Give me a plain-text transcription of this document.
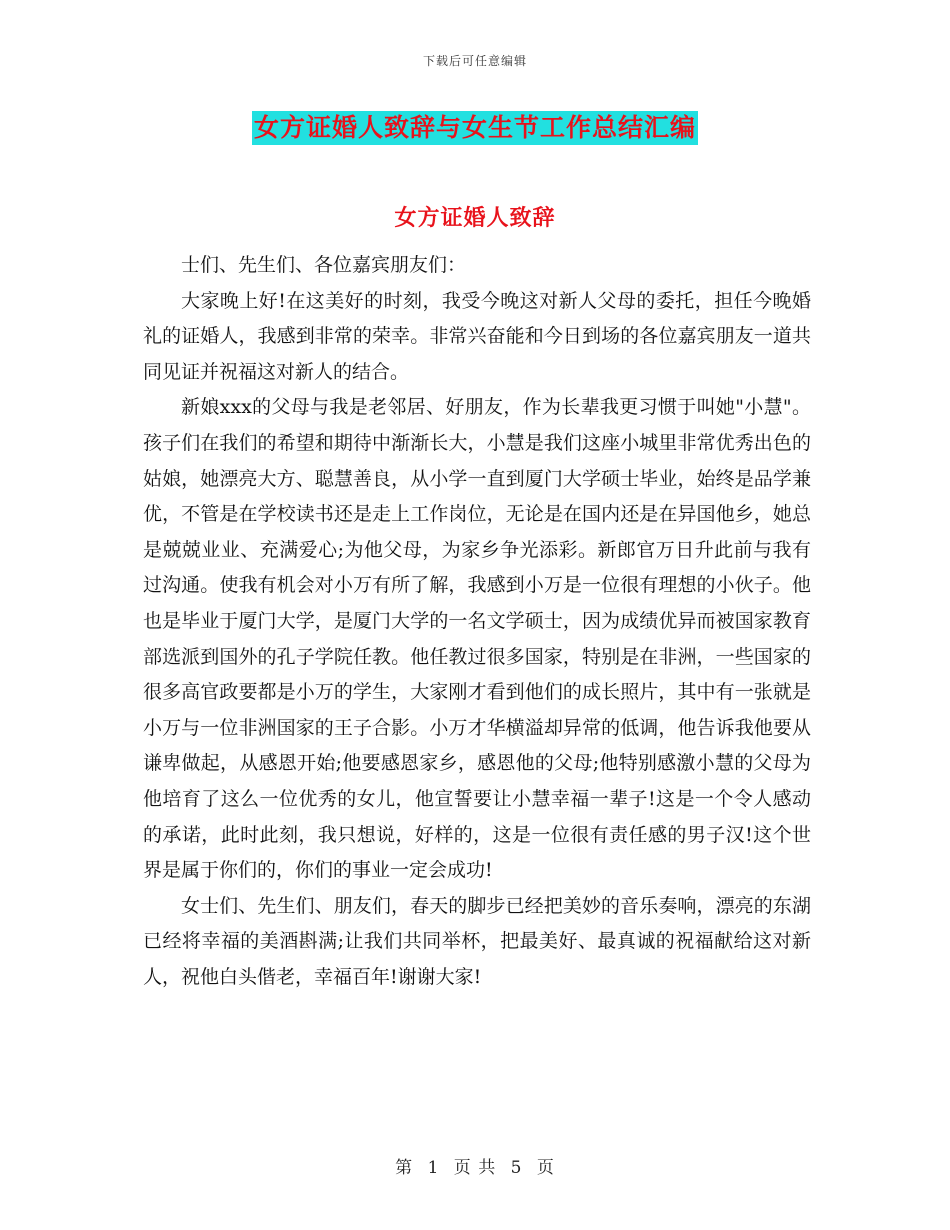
下载后可任意编辑
女方证婚人致辞与女生节工作总结汇编
女方证婚人致辞

士们、先生们、各位嘉宾朋友们：

大家晚上好!在这美好的时刻，我受今晚这对新人父母的委托，担任今晚婚礼的证婚人，我感到非常的荣幸。非常兴奋能和今日到场的各位嘉宾朋友一道共同见证并祝福这对新人的结合。

新娘xxx的父母与我是老邻居、好朋友，作为长辈我更习惯于叫她"小慧"。孩子们在我们的希望和期待中渐渐长大，小慧是我们这座小城里非常优秀出色的姑娘，她漂亮大方、聪慧善良，从小学一直到厦门大学硕士毕业，始终是品学兼优，不管是在学校读书还是走上工作岗位，无论是在国内还是在异国他乡，她总是兢兢业业、充满爱心;为他父母，为家乡争光添彩。新郎官万日升此前与我有过沟通。使我有机会对小万有所了解，我感到小万是一位很有理想的小伙子。他也是毕业于厦门大学，是厦门大学的一名文学硕士，因为成绩优异而被国家教育部选派到国外的孔子学院任教。他任教过很多国家，特别是在非洲，一些国家的很多高官政要都是小万的学生，大家刚才看到他们的成长照片，其中有一张就是小万与一位非洲国家的王子合影。小万才华横溢却异常的低调，他告诉我他要从谦卑做起，从感恩开始;他要感恩家乡，感恩他的父母;他特别感激小慧的父母为他培育了这么一位优秀的女儿，他宣誓要让小慧幸福一辈子!这是一个令人感动的承诺，此时此刻，我只想说，好样的，这是一位很有责任感的男子汉!这个世界是属于你们的，你们的事业一定会成功!

女士们、先生们、朋友们，春天的脚步已经把美妙的音乐奏响，漂亮的东湖已经将幸福的美酒斟满;让我们共同举杯，把最美好、最真诚的祝福献给这对新人，祝他白头偕老，幸福百年!谢谢大家!

第 1 页 共 5 页
